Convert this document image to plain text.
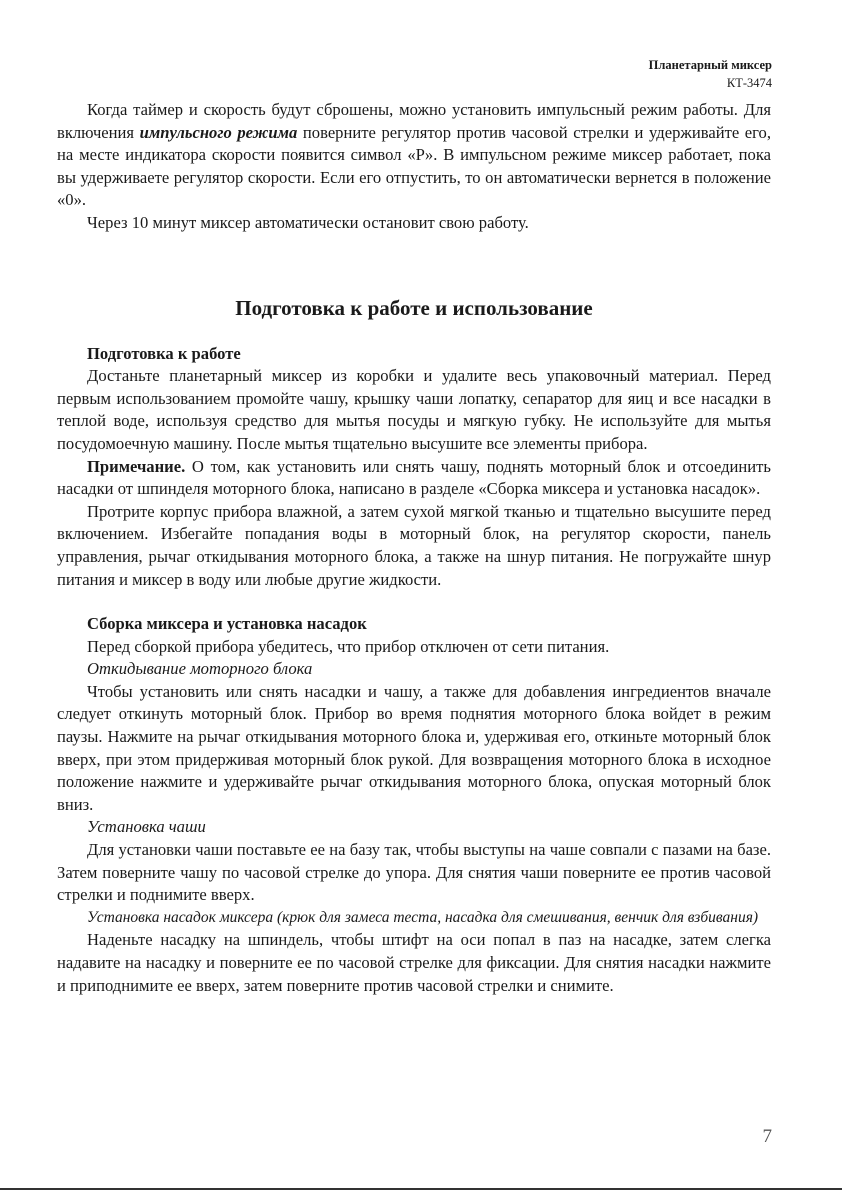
Планетарный миксер
КТ-3474

Когда таймер и скорость будут сброшены, можно установить импульсный режим работы. Для включения импульсного режима поверните регулятор против часовой стрелки и удерживайте его, на месте индикатора скорости появится символ «P». В импульсном режиме миксер работает, пока вы удерживаете регулятор скорости. Если его отпустить, то он автоматически вернется в положение «0».

Через 10 минут миксер автоматически остановит свою работу.

Подготовка к работе и использование

Подготовка к работе

Достаньте планетарный миксер из коробки и удалите весь упаковочный материал. Перед первым использованием промойте чашу, крышку чаши лопатку, сепаратор для яиц и все насадки в теплой воде, используя средство для мытья посуды и мягкую губку. Не используйте для мытья посудомоечную машину. После мытья тщательно высушите все элементы прибора.

Примечание. О том, как установить или снять чашу, поднять моторный блок и отсоединить насадки от шпинделя моторного блока, написано в разделе «Сборка миксера и установка насадок».

Протрите корпус прибора влажной, а затем сухой мягкой тканью и тщательно высушите перед включением. Избегайте попадания воды в моторный блок, на регулятор скорости, панель управления, рычаг откидывания моторного блока, а также на шнур питания. Не погружайте шнур питания и миксер в воду или любые другие жидкости.

Сборка миксера и установка насадок

Перед сборкой прибора убедитесь, что прибор отключен от сети питания.

Откидывание моторного блока

Чтобы установить или снять насадки и чашу, а также для добавления ингредиентов вначале следует откинуть моторный блок. Прибор во время поднятия моторного блока войдет в режим паузы. Нажмите на рычаг откидывания моторного блока и, удерживая его, откиньте моторный блок вверх, при этом придерживая моторный блок рукой. Для возвращения моторного блока в исходное положение нажмите и удерживайте рычаг откидывания моторного блока, опуская моторный блок вниз.

Установка чаши

Для установки чаши поставьте ее на базу так, чтобы выступы на чаше совпали с пазами на базе. Затем поверните чашу по часовой стрелке до упора. Для снятия чаши поверните ее против часовой стрелки и поднимите вверх.

Установка насадок миксера (крюк для замеса теста, насадка для смешивания, венчик для взбивания)

Наденьте насадку на шпиндель, чтобы штифт на оси попал в паз на насадке, затем слегка надавите на насадку и поверните ее по часовой стрелке для фиксации. Для снятия насадки нажмите и приподнимите ее вверх, затем поверните против часовой стрелки и снимите.

7
